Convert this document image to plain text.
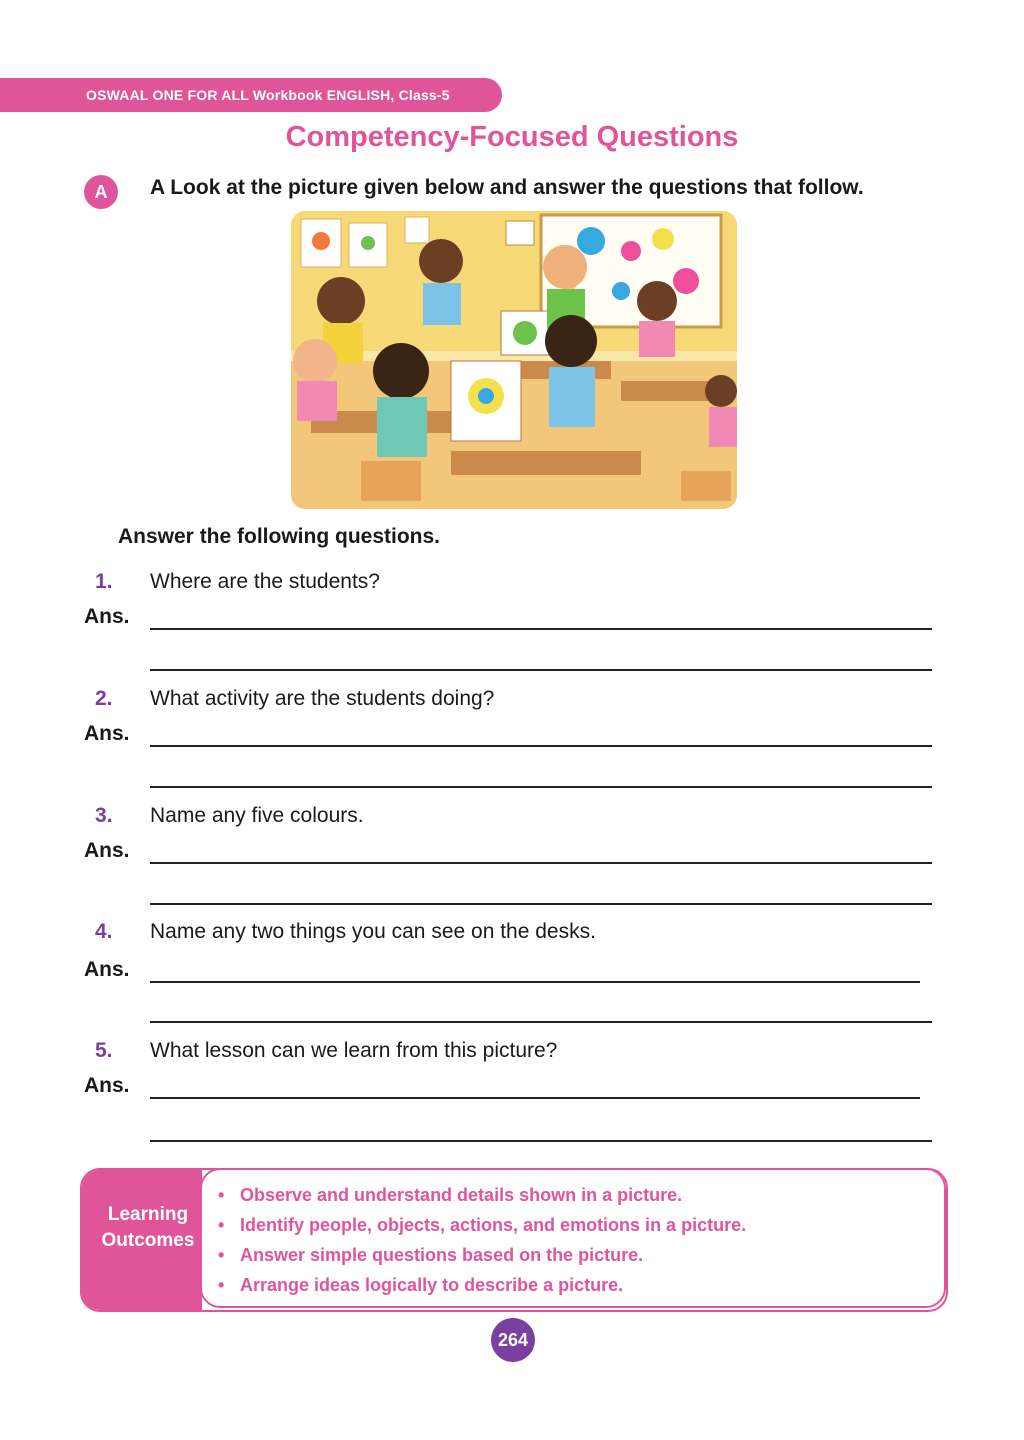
OSWAAL ONE FOR ALL Workbook ENGLISH, Class-5
Competency-Focused Questions
A	A Look at the picture given below and answer the questions that follow.
Answer the following questions.
1. Where are the students?
Ans.
2. What activity are the students doing?
Ans.
3. Name any five colours.
Ans.
4. Name any two things you can see on the desks.
Ans.
5. What lesson can we learn from this picture?
Ans.
Learning
Outcomes
• Observe and understand details shown in a picture.
• Identify people, objects, actions, and emotions in a picture.
• Answer simple questions based on the picture.
• Arrange ideas logically to describe a picture.
264
